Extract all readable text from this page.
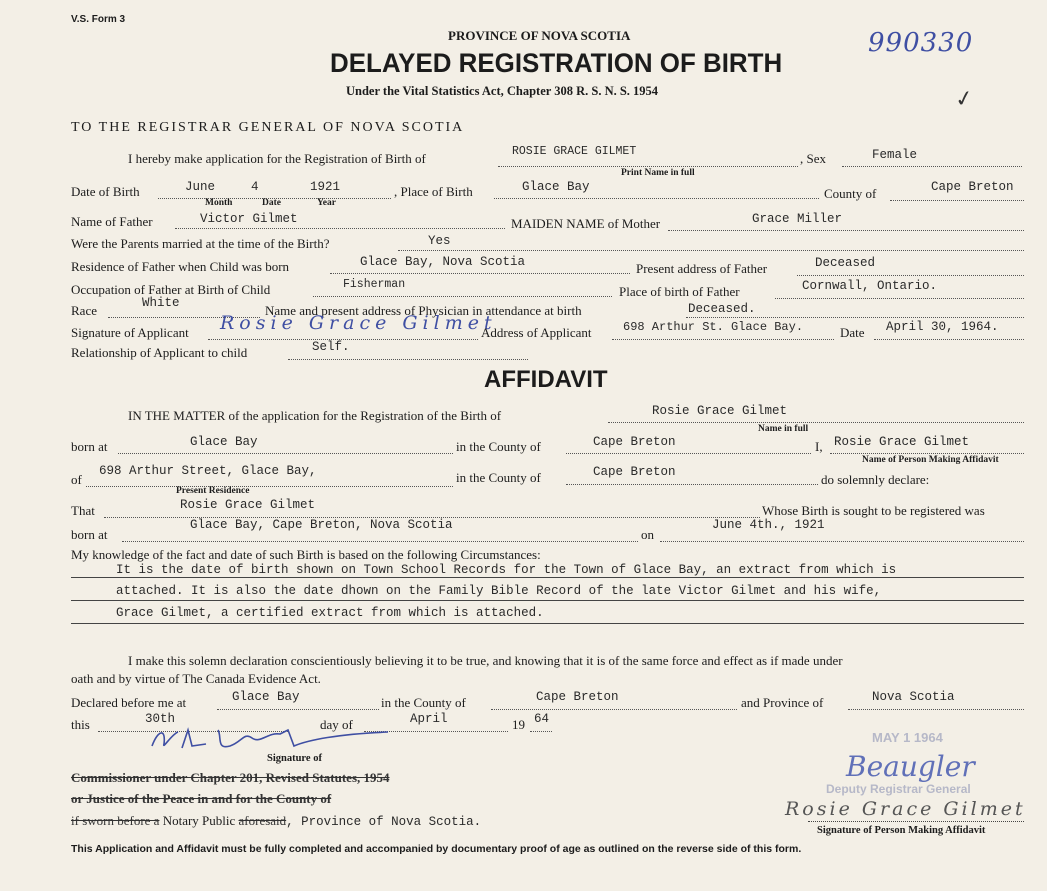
V.S. Form 3
990330
✓
PROVINCE OF NOVA SCOTIA
DELAYED REGISTRATION OF BIRTH
Under the Vital Statistics Act, Chapter 308 R. S. N. S. 1954
TO THE REGISTRAR GENERAL OF NOVA SCOTIA
I hereby make application for the Registration of Birth of	ROSIE GRACE GILMET
Print Name in full
, Sex	Female
Date of Birth	June	4	1921
Month	Date	Year
, Place of Birth	Glace Bay	County of	Cape Breton
Name of Father	Victor Gilmet	MAIDEN NAME of Mother	Grace Miller
Were the Parents married at the time of the Birth?	Yes
Residence of Father when Child was born	Glace Bay, Nova Scotia	Present address of Father	Deceased
Occupation of Father at Birth of Child	Fisherman	Place of birth of Father	Cornwall, Ontario.
Race	White	Name and present address of Physician in attendance at birth	Deceased.
Signature of Applicant Rosie Grace Gilmet
Address of Applicant	698 Arthur St. Glace Bay.	Date April 30, 1964.
Relationship of Applicant to child	Self.
AFFIDAVIT
IN THE MATTER of the application for the Registration of the Birth of	Rosie Grace Gilmet
Name in full
born at	Glace Bay	in the County of	Cape Breton	I, Rosie Grace Gilmet
Name of Person Making Affidavit
of
698 Arthur Street, Glace Bay,	in the County of	Cape Breton	do solemnly declare:
Present Residence
That	Rosie Grace Gilmet	Whose Birth is sought to be registered was
born at
Glace Bay, Cape Breton, Nova Scotia
on
June 4th., 1921
My knowledge of the fact and date of such Birth is based on the following Circumstances:
It is the date of birth shown on Town School Records for the Town of Glace Bay, an extract from which is
attached. It is also the date dhown on the Family Bible Record of the late Victor Gilmet and his wife,
Grace Gilmet, a certified extract from which is attached.
I make this solemn declaration conscientiously believing it to be true, and knowing that it is of the same force and effect as if made under
oath and by virtue of The Canada Evidence Act.
Declared before me at	Glace Bay	in the County of	Cape Breton	and Province of	Nova Scotia
this	30th	day of	April	19 64
Signature of
Commissioner under Chapter 201, Revised Statutes, 1954
or Justice of the Peace in and for the County of
if sworn before a Notary Public aforesaid, Province of Nova Scotia.
MAY 1 1964
Beaugler
Deputy Registrar General
Rosie Grace Gilmet
Signature of Person Making Affidavit
This Application and Affidavit must be fully completed and accompanied by documentary proof of age as outlined on the reverse side of this form.
